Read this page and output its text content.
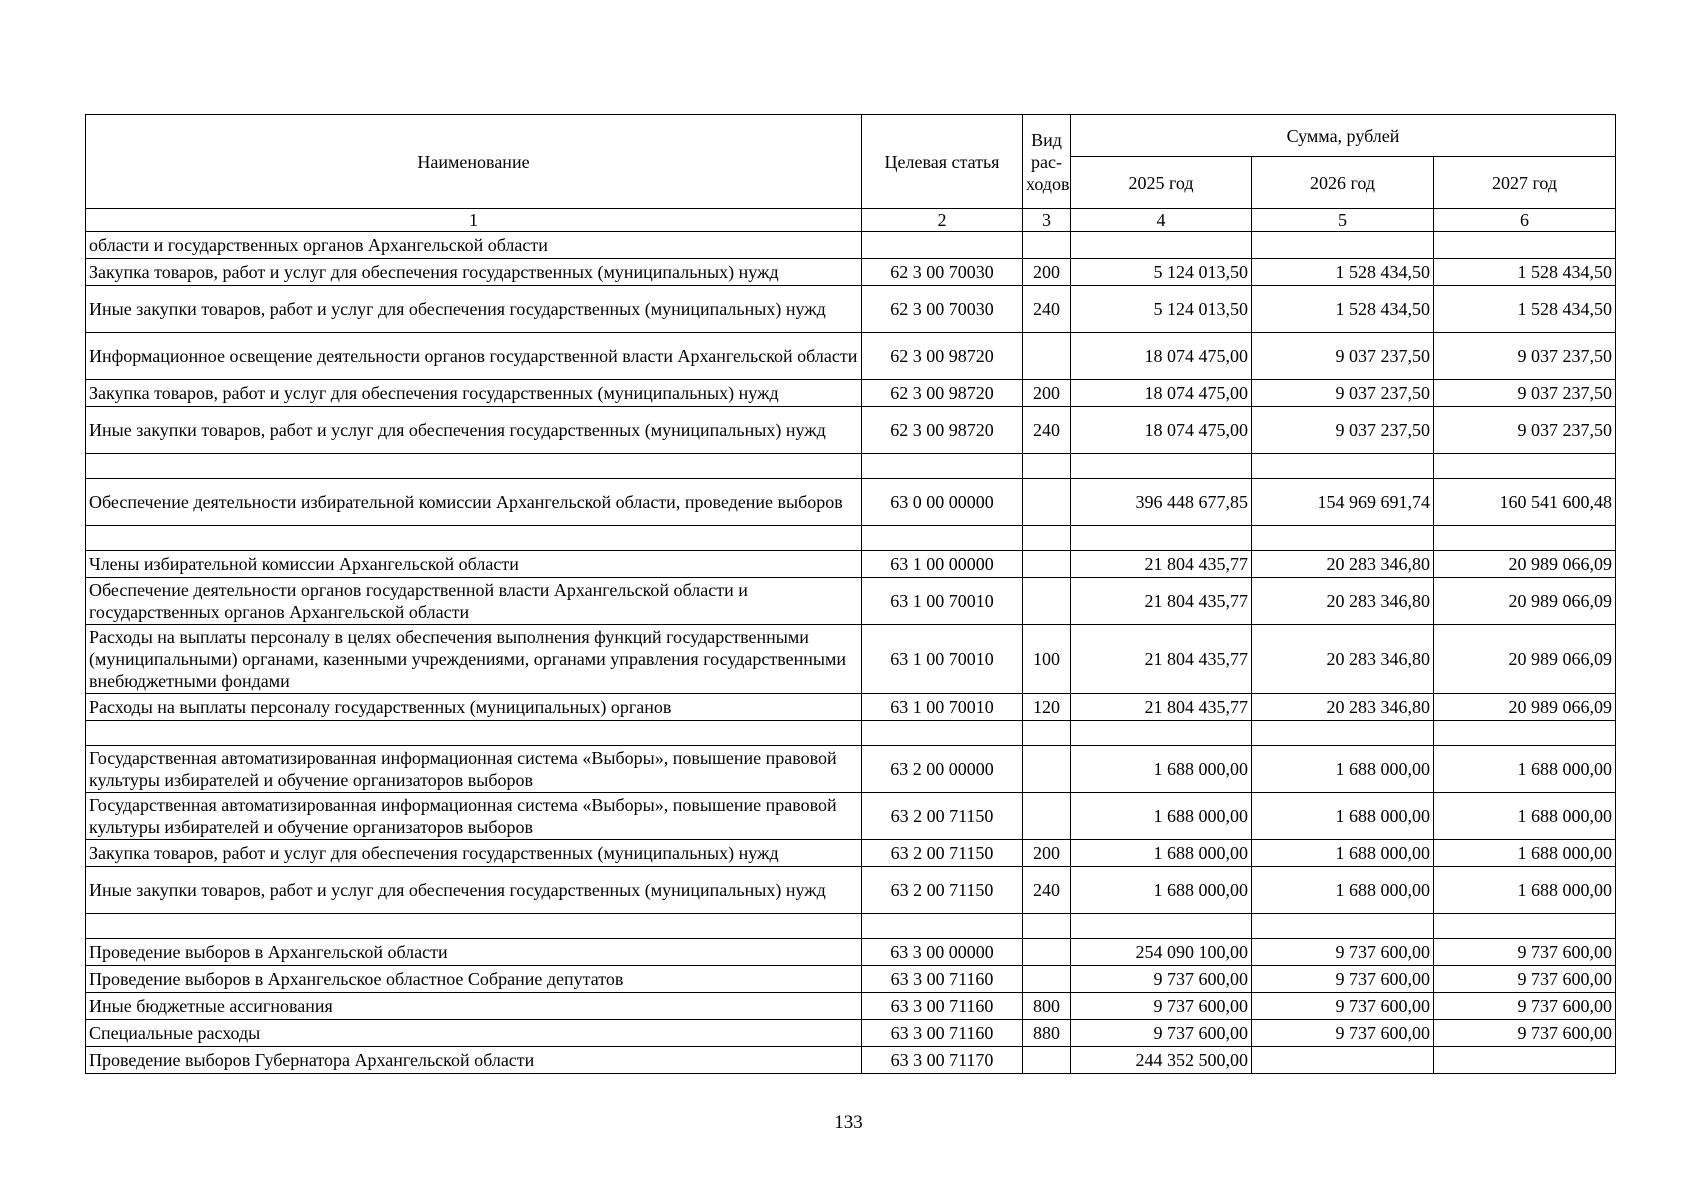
Наименование	Целевая статья	Вид рас-ходов	Сумма, рублей		
			2025 год	2026 год	2027 год
1	2	3	4	5	6
области и государственных органов Архангельской области					
Закупка товаров, работ и услуг для обеспечения государственных (муниципальных) нужд	62 3 00 70030	200	5 124 013,50	1 528 434,50	1 528 434,50
Иные закупки товаров, работ и услуг для обеспечения государственных (муниципальных) нужд	62 3 00 70030	240	5 124 013,50	1 528 434,50	1 528 434,50
Информационное освещение деятельности органов государственной власти Архангельской области	62 3 00 98720		18 074 475,00	9 037 237,50	9 037 237,50
Закупка товаров, работ и услуг для обеспечения государственных (муниципальных) нужд	62 3 00 98720	200	18 074 475,00	9 037 237,50	9 037 237,50
Иные закупки товаров, работ и услуг для обеспечения государственных (муниципальных) нужд	62 3 00 98720	240	18 074 475,00	9 037 237,50	9 037 237,50

Обеспечение деятельности избирательной комиссии Архангельской области, проведение выборов	63 0 00 00000		396 448 677,85	154 969 691,74	160 541 600,48

Члены избирательной комиссии Архангельской области	63 1 00 00000		21 804 435,77	20 283 346,80	20 989 066,09
Обеспечение деятельности органов государственной власти Архангельской области и государственных органов Архангельской области	63 1 00 70010		21 804 435,77	20 283 346,80	20 989 066,09
Расходы на выплаты персоналу в целях обеспечения выполнения функций государственными (муниципальными) органами, казенными учреждениями, органами управления государственными внебюджетными фондами	63 1 00 70010	100	21 804 435,77	20 283 346,80	20 989 066,09
Расходы на выплаты персоналу государственных (муниципальных) органов	63 1 00 70010	120	21 804 435,77	20 283 346,80	20 989 066,09

Государственная автоматизированная информационная система «Выборы», повышение правовой культуры избирателей и обучение организаторов выборов	63 2 00 00000		1 688 000,00	1 688 000,00	1 688 000,00
Государственная автоматизированная информационная система «Выборы», повышение правовой культуры избирателей и обучение организаторов выборов	63 2 00 71150		1 688 000,00	1 688 000,00	1 688 000,00
Закупка товаров, работ и услуг для обеспечения государственных (муниципальных) нужд	63 2 00 71150	200	1 688 000,00	1 688 000,00	1 688 000,00
Иные закупки товаров, работ и услуг для обеспечения государственных (муниципальных) нужд	63 2 00 71150	240	1 688 000,00	1 688 000,00	1 688 000,00

Проведение выборов в Архангельской области	63 3 00 00000		254 090 100,00	9 737 600,00	9 737 600,00
Проведение выборов в Архангельское областное Собрание депутатов	63 3 00 71160		9 737 600,00	9 737 600,00	9 737 600,00
Иные бюджетные ассигнования	63 3 00 71160	800	9 737 600,00	9 737 600,00	9 737 600,00
Специальные расходы	63 3 00 71160	880	9 737 600,00	9 737 600,00	9 737 600,00
Проведение выборов Губернатора Архангельской области	63 3 00 71170		244 352 500,00		
133
